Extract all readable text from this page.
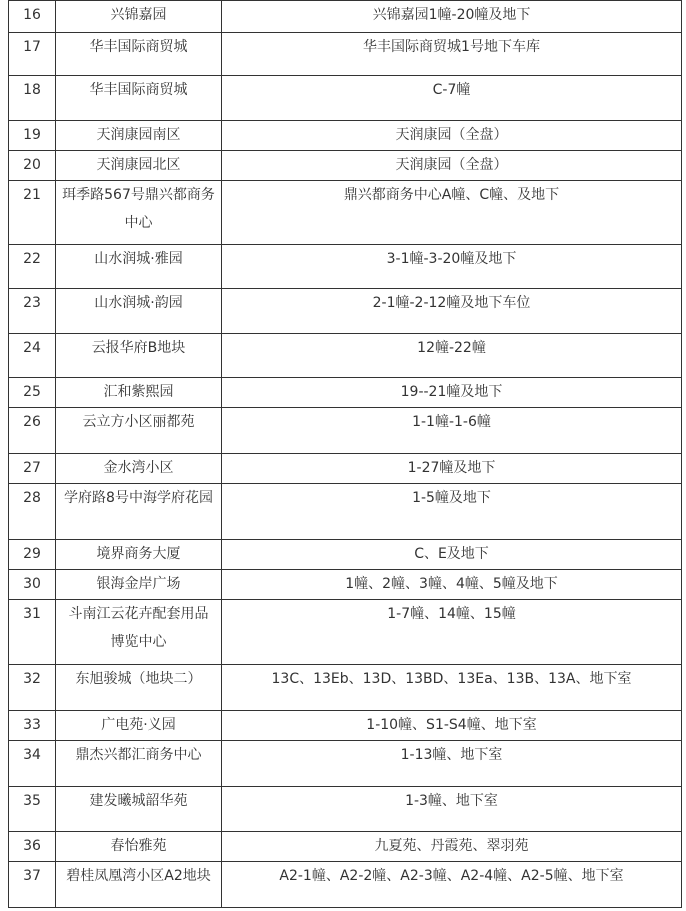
16	兴锦嘉园	兴锦嘉园1幢-20幢及地下

17	华丰国际商贸城	华丰国际商贸城1号地下车库

18	华丰国际商贸城	C-7幢

19	天润康园南区	天润康园（全盘）

20	天润康园北区	天润康园（全盘）

21	珥季路567号鼎兴都商务中心	鼎兴都商务中心A幢、C幢、及地下

22	山水润城·雅园	3-1幢-3-20幢及地下

23	山水润城·韵园	2-1幢-2-12幢及地下车位

24	云报华府B地块	12幢-22幢

25	汇和紫熙园	19--21幢及地下

26	云立方小区丽都苑	1-1幢-1-6幢

27	金水湾小区	1-27幢及地下

28	学府路8号中海学府花园	1-5幢及地下

29	境界商务大厦	C、E及地下

30	银海金岸广场	1幢、2幢、3幢、4幢、5幢及地下

31	斗南江云花卉配套用品博览中心	1-7幢、14幢、15幢

32	东旭骏城（地块二）	13C、13Eb、13D、13BD、13Ea、13B、13A、地下室

33	广电苑·义园	1-10幢、S1-S4幢、地下室

34	鼎杰兴都汇商务中心	1-13幢、地下室

35	建发曦城韶华苑	1-3幢、地下室

36	春怡雅苑	九夏苑、丹霞苑、翠羽苑

37	碧桂凤凰湾小区A2地块	A2-1幢、A2-2幢、A2-3幢、A2-4幢、A2-5幢、地下室
